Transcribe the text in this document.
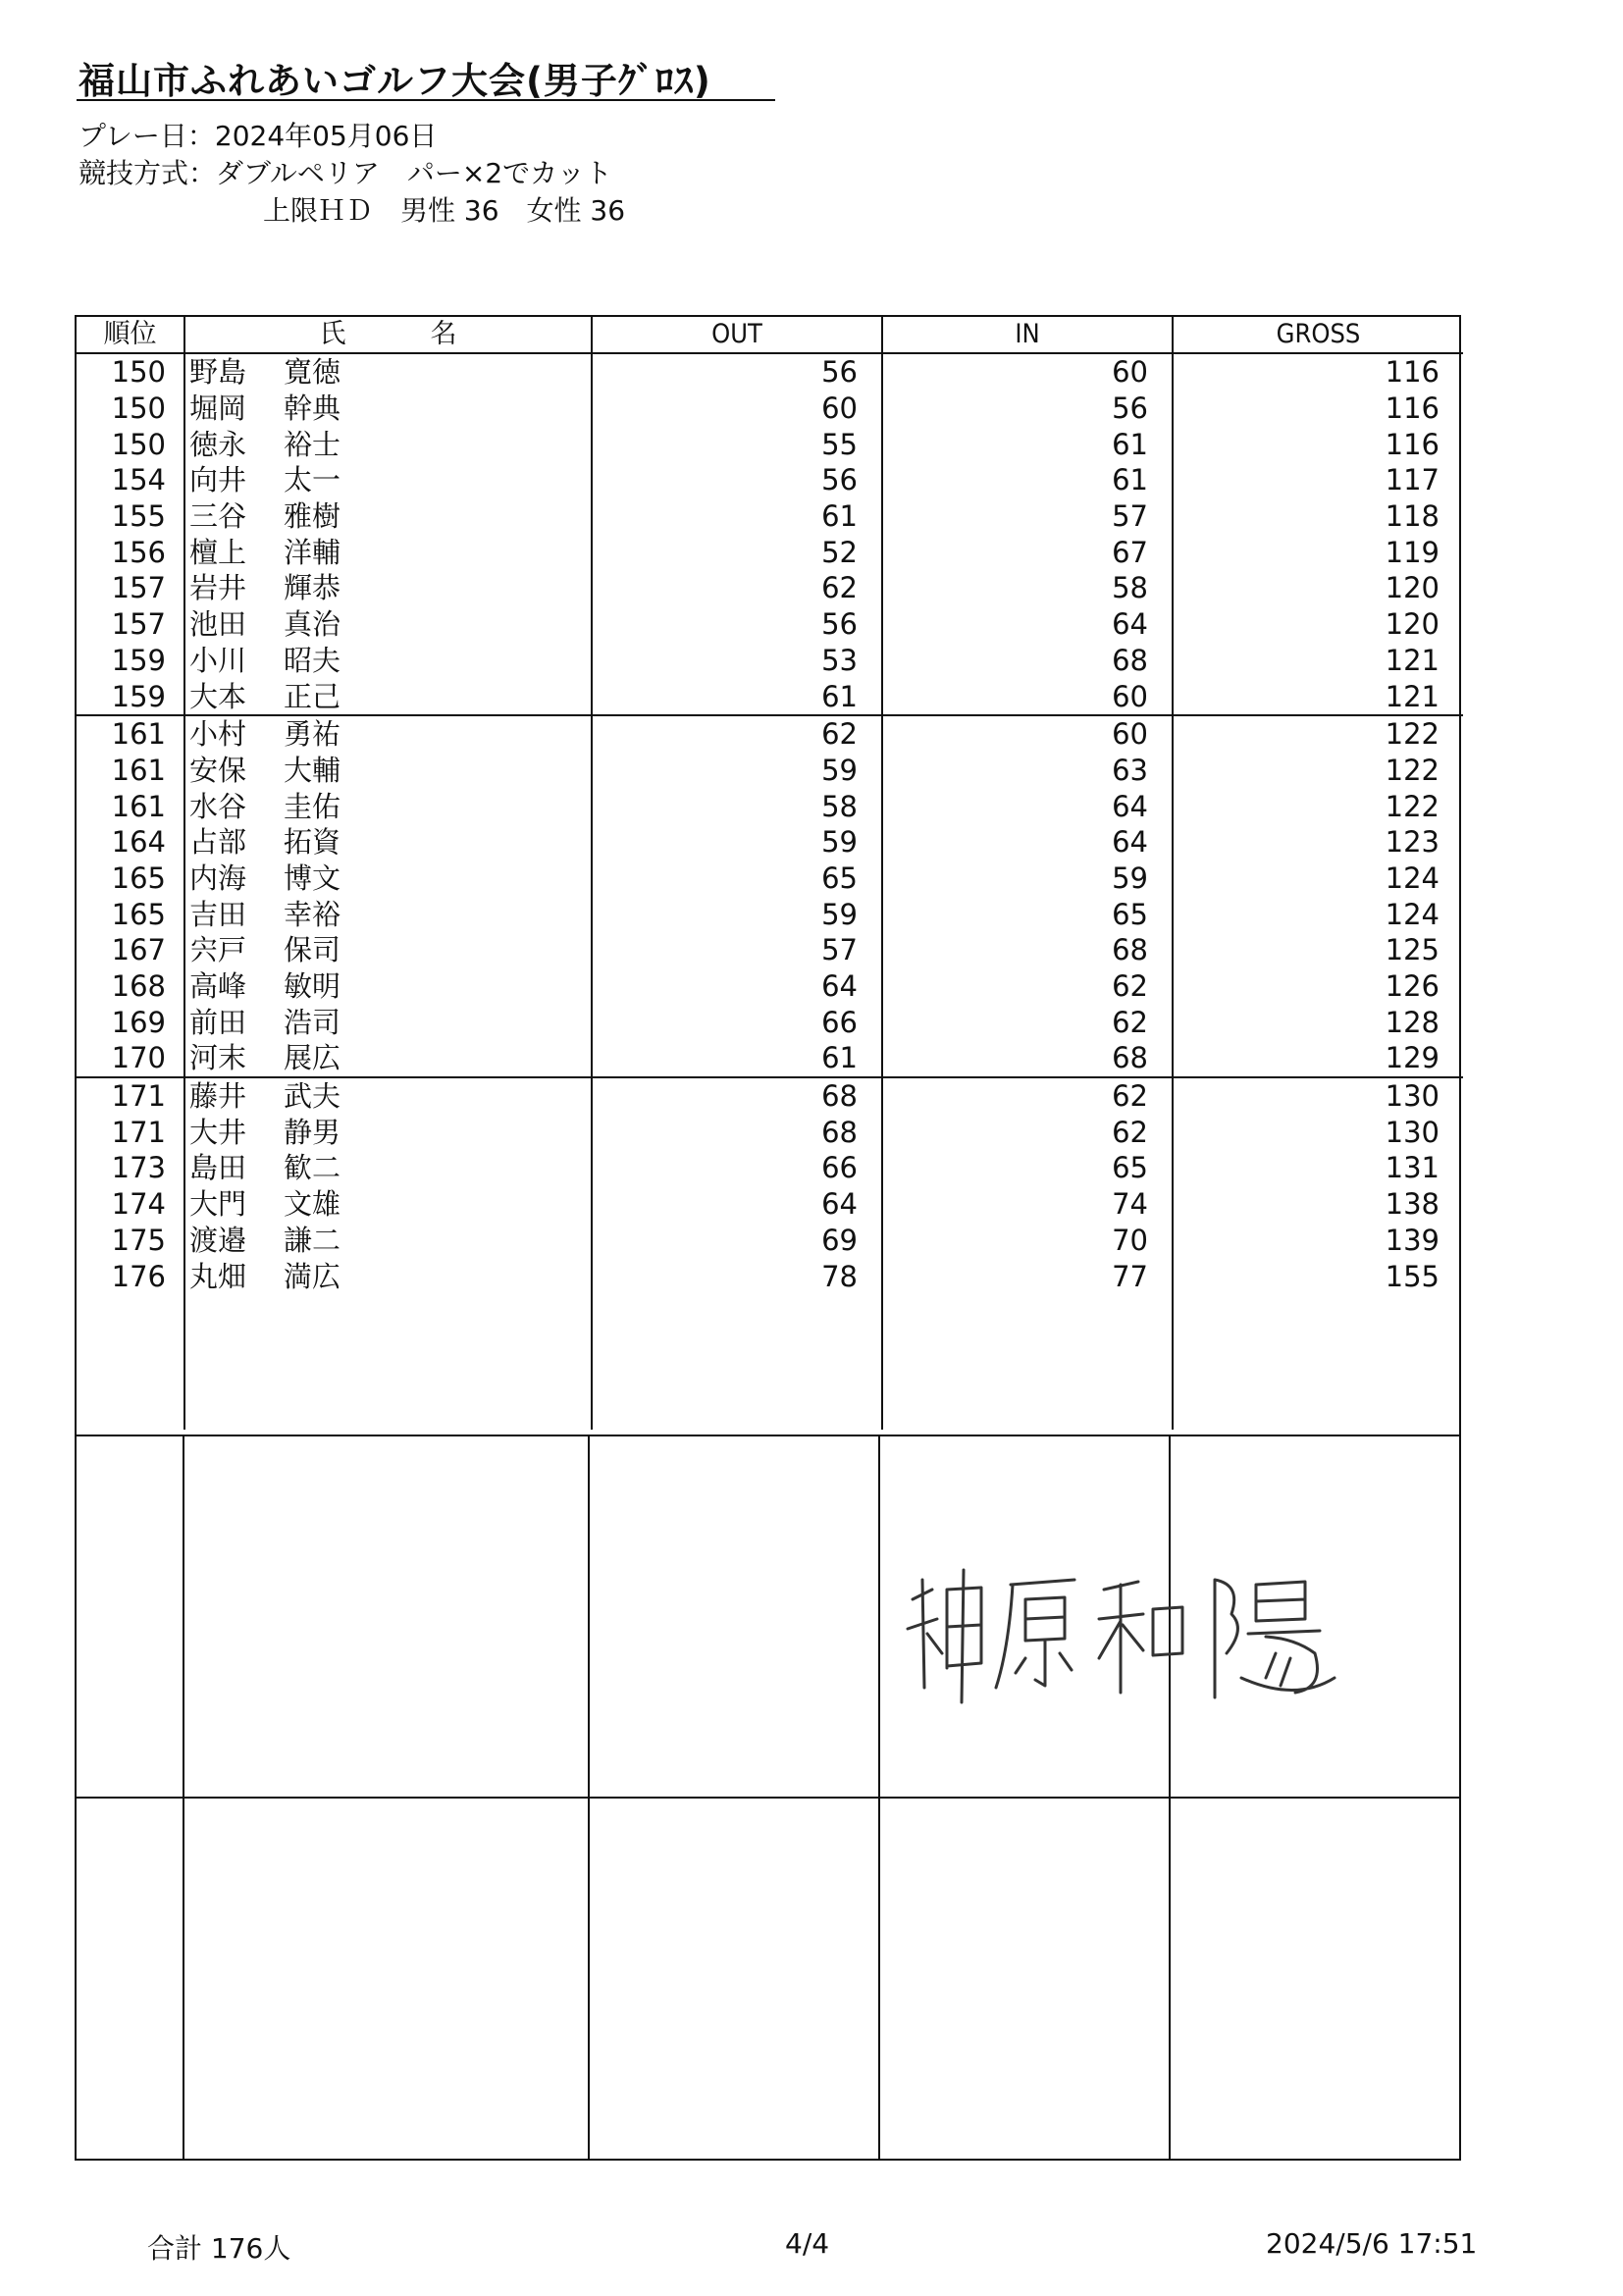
福山市ふれあいゴルフ大会(男子ｸﾞﾛｽ)
プレー日：2024年05月06日
競技方式：ダブルペリア　パー×2でカット
上限ＨＤ　男性 36　女性 36
順位	氏 名	OUT	IN	GROSS
150	野島 寛徳	56	60	116
150	堀岡 幹典	60	56	116
150	徳永 裕士	55	61	116
154	向井 太一	56	61	117
155	三谷 雅樹	61	57	118
156	檀上 洋輔	52	67	119
157	岩井 輝恭	62	58	120
157	池田 真治	56	64	120
159	小川 昭夫	53	68	121
159	大本 正己	61	60	121
161	小村 勇祐	62	60	122
161	安保 大輔	59	63	122
161	水谷 圭佑	58	64	122
164	占部 拓資	59	64	123
165	内海 博文	65	59	124
165	吉田 幸裕	59	65	124
167	宍戸 保司	57	68	125
168	高峰 敏明	64	62	126
169	前田 浩司	66	62	128
170	河末 展広	61	68	129
171	藤井 武夫	68	62	130
171	大井 静男	68	62	130
173	島田 歓二	66	65	131
174	大門 文雄	64	74	138
175	渡邉 謙二	69	70	139
176	丸畑 満広	78	77	155

合計 176人	4/4	2024/5/6 17:51
